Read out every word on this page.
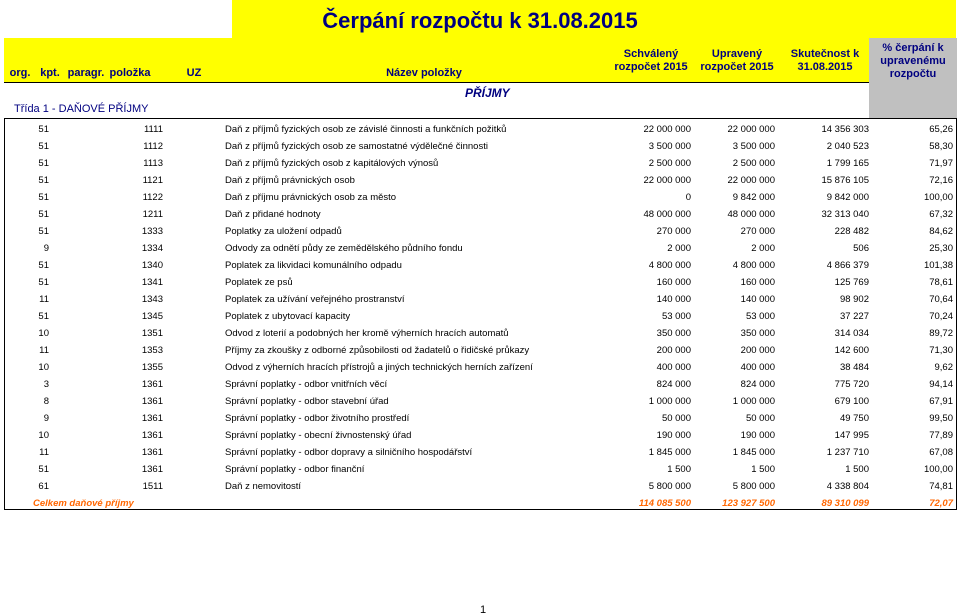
Čerpání rozpočtu k 31.08.2015
org. kpt. paragr. položka	UZ	Název položky
Schválený
rozpočet 2015
Upravený
rozpočet 2015
Skutečnost k
31.08.2015
% čerpání k
upravenému
rozpočtu
PŘÍJMY
Třída 1 - DAŇOVÉ PŘÍJMY
51	1111	Daň z příjmů fyzických osob ze závislé činnosti a funkčních požitků	22 000 000	22 000 000	14 356 303	65,26
51	1112	Daň z příjmů fyzických osob ze samostatné výdělečné činnosti	3 500 000	3 500 000	2 040 523	58,30
51	1113	Daň z příjmů fyzických osob z kapitálových výnosů	2 500 000	2 500 000	1 799 165	71,97
51	1121	Daň z příjmů právnických osob	22 000 000	22 000 000	15 876 105	72,16
51	1122	Daň z příjmu právnických osob za město	0	9 842 000	9 842 000	100,00
51	1211	Daň z přidané hodnoty	48 000 000	48 000 000	32 313 040	67,32
51	1333	Poplatky za uložení odpadů	270 000	270 000	228 482	84,62
9	1334	Odvody za odnětí půdy ze zemědělského půdního fondu	2 000	2 000	506	25,30
51	1340	Poplatek za likvidaci komunálního odpadu	4 800 000	4 800 000	4 866 379	101,38
51	1341	Poplatek ze psů	160 000	160 000	125 769	78,61
11	1343	Poplatek za užívání veřejného prostranství	140 000	140 000	98 902	70,64
51	1345	Poplatek z ubytovací kapacity	53 000	53 000	37 227	70,24
10	1351	Odvod z loterií a podobných her kromě výherních hracích automatů	350 000	350 000	314 034	89,72
11	1353	Příjmy za zkoušky z odborné způsobilosti od žadatelů o řidičské průkazy	200 000	200 000	142 600	71,30
10	1355	Odvod z výherních hracích přístrojů a jiných technických herních zařízení	400 000	400 000	38 484	9,62
3	1361	Správní poplatky - odbor vnitřních věcí	824 000	824 000	775 720	94,14
8	1361	Správní poplatky - odbor stavební úřad	1 000 000	1 000 000	679 100	67,91
9	1361	Správní poplatky - odbor životního prostředí	50 000	50 000	49 750	99,50
10	1361	Správní poplatky - obecní živnostenský úřad	190 000	190 000	147 995	77,89
11	1361	Správní poplatky - odbor dopravy a silničního hospodářství	1 845 000	1 845 000	1 237 710	67,08
51	1361	Správní poplatky - odbor finanční	1 500	1 500	1 500	100,00
61	1511	Daň z nemovitostí	5 800 000	5 800 000	4 338 804	74,81
Celkem daňové příjmy	114 085 500	123 927 500	89 310 099	72,07
1
